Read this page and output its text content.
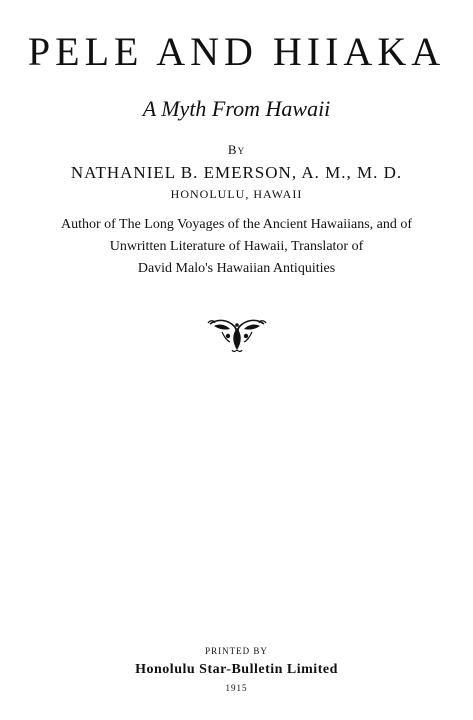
PELE AND HIIAKA
A Myth From Hawaii
By
NATHANIEL B. EMERSON, A. M., M. D.
HONOLULU, HAWAII
Author of The Long Voyages of the Ancient Hawaiians, and of
Unwritten Literature of Hawaii, Translator of
David Malo's Hawaiian Antiquities
PRINTED BY
Honolulu Star-Bulletin Limited
1915
